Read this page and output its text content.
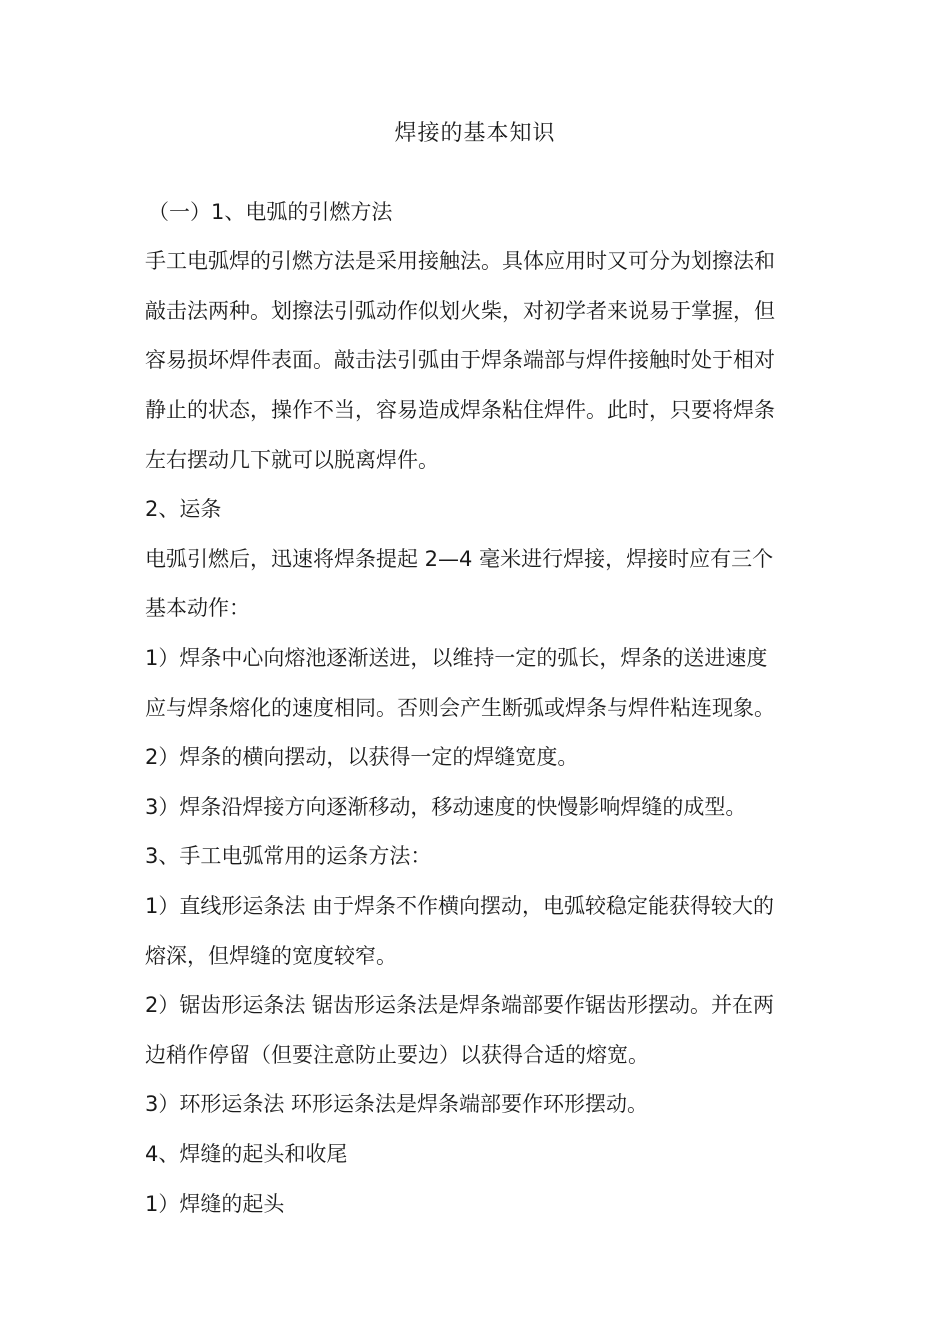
焊接的基本知识
（一）1、电弧的引燃方法
手工电弧焊的引燃方法是采用接触法。具体应用时又可分为划擦法和
敲击法两种。划擦法引弧动作似划火柴，对初学者来说易于掌握，但
容易损坏焊件表面。敲击法引弧由于焊条端部与焊件接触时处于相对
静止的状态，操作不当，容易造成焊条粘住焊件。此时，只要将焊条
左右摆动几下就可以脱离焊件。
2、运条
电弧引燃后，迅速将焊条提起 2—4 毫米进行焊接，焊接时应有三个
基本动作：
1）焊条中心向熔池逐渐送进，以维持一定的弧长，焊条的送进速度
应与焊条熔化的速度相同。否则会产生断弧或焊条与焊件粘连现象。
2）焊条的横向摆动，以获得一定的焊缝宽度。
3）焊条沿焊接方向逐渐移动，移动速度的快慢影响焊缝的成型。
3、手工电弧常用的运条方法：
1）直线形运条法 由于焊条不作横向摆动，电弧较稳定能获得较大的
熔深，但焊缝的宽度较窄。
2）锯齿形运条法 锯齿形运条法是焊条端部要作锯齿形摆动。并在两
边稍作停留（但要注意防止要边）以获得合适的熔宽。
3）环形运条法 环形运条法是焊条端部要作环形摆动。
4、焊缝的起头和收尾
1）焊缝的起头
